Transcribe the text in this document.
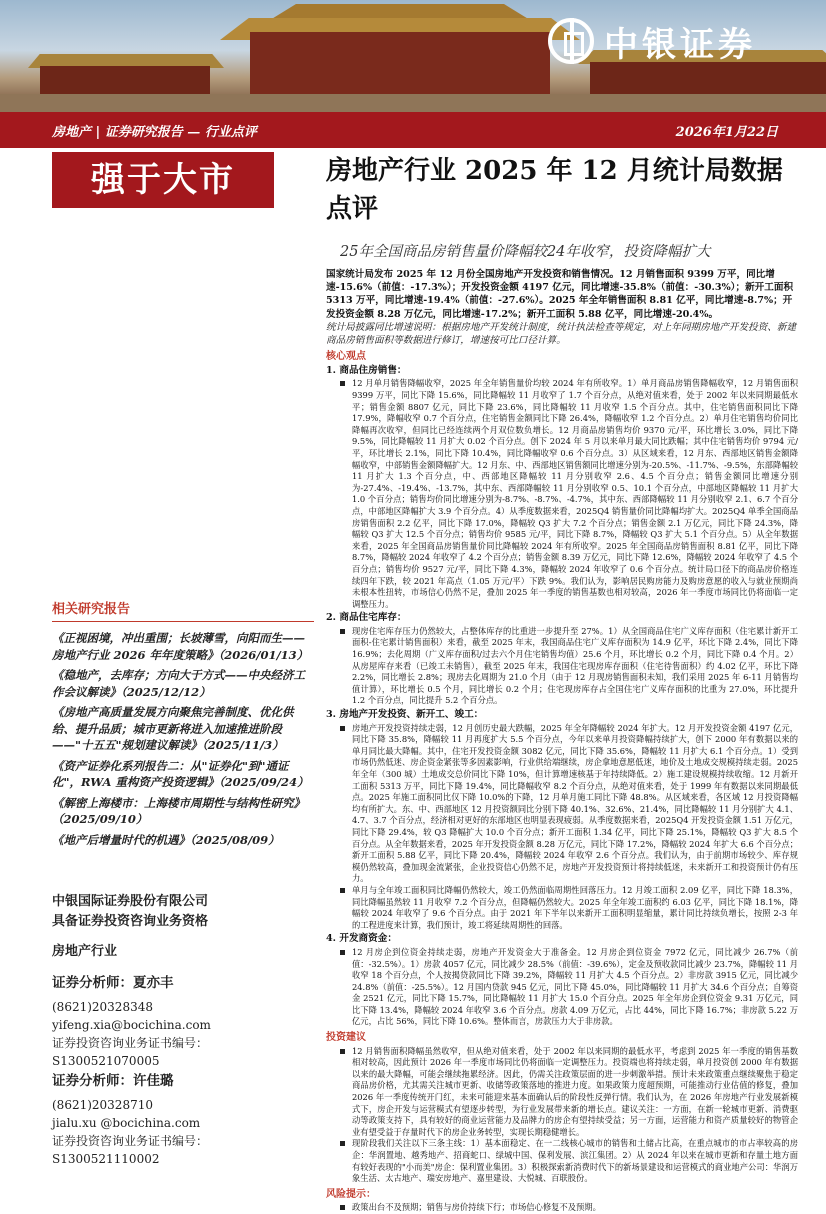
中银证券
房地产 | 证券研究报告 — 行业点评	2026年1月22日
强于大市	房地产行业 2025 年 12 月统计局数据点评
25年全国商品房销售量价降幅较24年收窄，投资降幅扩大

国家统计局发布 2025 年 12 月份全国房地产开发投资和销售情况。12 月销售面积 9399 万平，同比增速-15.6%（前值：-17.3%）；开发投资金额 4197 亿元，同比增速-35.8%（前值：-30.3%）；新开工面积 5313 万平，同比增速-19.4%（前值：-27.6%）。2025 年全年销售面积 8.81 亿平，同比增速-8.7%；开发投资金额 8.28 万亿元，同比增速-17.2%；新开工面积 5.88 亿平，同比增速-20.4%。

统计局披露同比增速说明：根据房地产开发统计制度，统计执法检查等规定，对上年同期房地产开发投资、新建商品房销售面积等数据进行修订，增速按可比口径计算。

核心观点
1. 商品住房销售：

12 月单月销售降幅收窄，2025 年全年销售量价均较 2024 年有所收窄。1）单月商品房销售降幅收窄，12 月销售面积 9399 万平，同比下降 15.6%，同比降幅较 11 月收窄了 1.7 个百分点，从绝对值来看，处于 2002 年以来同期最低水平；销售金额 8807 亿元，同比下降 23.6%，同比降幅较 11 月收窄 1.5 个百分点。其中，住宅销售面积同比下降 17.9%，降幅收窄 0.7 个百分点，住宅销售金额同比下降 26.4%，降幅收窄 1.2 个百分点。2）单月住宅销售均价同比降幅再次收窄，但同比已经连续两个月双位数负增长。12 月商品房销售均价 9370 元/平，环比增长 3.0%，同比下降 9.5%，同比降幅较 11 月扩大 0.02 个百分点。创下 2024 年 5 月以来单月最大同比跌幅；其中住宅销售均价 9794 元/平，环比增长 2.1%，同比下降 10.4%，同比降幅收窄 0.6 个百分点。3）从区域来看，12 月东、西部地区销售金额降幅收窄，中部销售金额降幅扩大。12 月东、中、西部地区销售额同比增速分别为-20.5%、-11.7%、-9.5%，东部降幅较 11 月扩大 1.3 个百分点，中、西部地区降幅较 11 月分别收窄 2.6、4.5 个百分点；销售金额同比增速分别为-27.4%、-19.4%、-13.7%，其中东、西部降幅较 11 月分别收窄 0.5、10.1 个百分点，中部地区降幅较 11 月扩大 1.0 个百分点；销售均价同比增速分别为-8.7%、-8.7%、-4.7%，其中东、西部降幅较 11 月分别收窄 2.1、6.7 个百分点，中部地区降幅扩大 3.9 个百分点。4）从季度数据来看，2025Q4 销售量价同比降幅均扩大。2025Q4 单季全国商品房销售面积 2.2 亿平，同比下降 17.0%，降幅较 Q3 扩大 7.2 个百分点；销售金额 2.1 万亿元，同比下降 24.3%，降幅较 Q3 扩大 12.5 个百分点；销售均价 9585 元/平，同比下降 8.7%，降幅较 Q3 扩大 5.1 个百分点。5）从全年数据来看，2025 年全国商品房销售量价同比降幅较 2024 年有所收窄。2025 年全国商品房销售面积 8.81 亿平，同比下降 8.7%，降幅较 2024 年收窄了 4.2 个百分点；销售金额 8.39 万亿元，同比下降 12.6%，降幅较 2024 年收窄了 4.5 个百分点；销售均价 9527 元/平，同比下降 4.3%，降幅较 2024 年收窄了 0.6 个百分点。统计局口径下的商品房价格连续四年下跌，较 2021 年高点（1.05 万元/平）下跌 9%。我们认为，影响居民购房能力及购房意愿的收入与就业预期尚未根本性扭转，市场信心仍然不足，叠加 2025 年一季度的销售基数也相对较高，2026 年一季度市场同比仍将面临一定调整压力。

2. 商品住宅库存：

现房住宅库存压力仍然较大，占整体库存的比重进一步提升至 27%。1）从全国商品住宅广义库存面积（住宅累计新开工面积-住宅累计销售面积）来看，截至 2025 年末，我国商品住宅广义库存面积为 14.9 亿平，环比下降 2.4%，同比下降 16.9%；去化周期（广义库存面积/过去六个月住宅销售均值）25.6 个月，环比增长 0.2 个月，同比下降 0.4 个月。2）从房屋库存来看（已竣工未销售），截至 2025 年末，我国住宅现房库存面积（住宅待售面积）约 4.02 亿平，环比下降 2.2%，同比增长 2.8%；现房去化周期为 21.0 个月（由于 12 月现房销售面积未知，我们采用 2025 年 6-11 月销售均值计算），环比增长 0.5 个月，同比增长 0.2 个月；住宅现房库存占全国住宅广义库存面积的比重为 27.0%，环比提升 1.2 个百分点，同比提升 5.2 个百分点。

3. 房地产开发投资、新开工、竣工：

房地产开发投资持续走弱，12 月创历史最大跌幅，2025 年全年降幅较 2024 年扩大。12 月开发投资金额 4197 亿元，同比下降 35.8%，降幅较 11 月再度扩大 5.5 个百分点，今年以来单月投资降幅持续扩大，创下 2000 年有数据以来的单月同比最大降幅。其中，住宅开发投资金额 3082 亿元，同比下降 35.6%，降幅较 11 月扩大 6.1 个百分点。1）受到市场仍然低迷、房企资金紧张等多因素影响，行业供给端继续，房企拿地意愿低迷，地价及土地成交规模持续走弱。2025 年全年（300 城）土地成交总价同比下降 10%，但计算增速核基于年持续降低。2）施工建设规模持续收缩。12 月新开工面积 5313 万平，同比下降 19.4%，同比降幅收窄 8.2 个百分点，从绝对值来看，处于 1999 年有数据以来同期最低点。2025 年施工面积同比仅下降 10.0%的下降，12 月单月施工同比下降 48.8%。从区域来看，各区域 12 月投资降幅均有所扩大。东、中、西部地区 12 月投资额同比分别下降 40.1%、32.6%、21.4%，同比降幅较 11 月分别扩大 4.1、4.7、3.7 个百分点，经济相对更好的东部地区也明显表现疲弱。从季度数据来看，2025Q4 开发投资金额 1.51 万亿元，同比下降 29.4%，较 Q3 降幅扩大 10.0 个百分点；新开工面积 1.34 亿平，同比下降 25.1%，降幅较 Q3 扩大 8.5 个百分点。从全年数据来看，2025 年开发投资金额 8.28 万亿元，同比下降 17.2%，降幅较 2024 年扩大 6.6 个百分点；新开工面积 5.88 亿平，同比下降 20.4%，降幅较 2024 年收窄 2.6 个百分点。我们认为，由于前期市场较少、库存规模仍然较高，叠加现金流紧张，企业投资信心仍然不足，房地产开发投资预计将持续低迷，未来新开工和投资预计仍有压力。

单月与全年竣工面积同比降幅仍然较大，竣工仍然面临周期性回落压力。12 月竣工面积 2.09 亿平，同比下降 18.3%，同比降幅虽然较 11 月收窄 7.2 个百分点，但降幅仍然较大。2025 年全年竣工面积约 6.03 亿平，同比下降 18.1%，降幅较 2024 年收窄了 9.6 个百分点。由于 2021 年下半年以来新开工面积明显缩量，累计同比持续负增长，按照 2-3 年的工程进度来计算，我们预计，竣工将延续周期性的回落。

4. 开发商资金：

12 月房企到位资金持续走弱，房地产开发资金大于准备金。12 月房企到位资金 7972 亿元，同比减少 26.7%（前值：-32.5%）。1）房款 4057 亿元，同比减少 28.5%（前值：-39.6%），定金及预收款同比减少 23.7%，降幅较 11 月收窄 18 个百分点，个人按揭贷款同比下降 39.2%，降幅较 11 月扩大 4.5 个百分点。2）非房款 3915 亿元，同比减少 24.8%（前值：-25.5%）。12 月国内贷款 945 亿元，同比下降 45.0%，同比降幅较 11 月扩大 34.6 个百分点；自筹资金 2521 亿元，同比下降 15.7%，同比降幅较 11 月扩大 15.0 个百分点。2025 年全年房企到位资金 9.31 万亿元，同比下降 13.4%，降幅较 2024 年收窄 3.6 个百分点。房款 4.09 万亿元，占比 44%，同比下降 16.7%；非房款 5.22 万亿元，占比 56%，同比下降 10.6%。整体而言，房款压力大于非房款。

投资建议

12 月销售面积降幅虽然收窄，但从绝对值来看，处于 2002 年以来同期的最低水平，考虑到 2025 年一季度的销售基数相对较高，因此预计 2026 年一季度市场同比仍将面临一定调整压力。投资端也将持续走弱，单月投资创 2000 年有数据以来的最大降幅，可能会继续拖累经济。因此，仍需关注政策层面的进一步刺激举措。预计未来政策重点继续聚焦于稳定商品房价格，尤其需关注城市更新、收储等政策落地的推进力度。如果政策力度超预期，可能推动行业估值的修复，叠加 2026 年一季度传统开门红，未来可能迎来基本面确认后的阶段性反弹行情。我们认为，在 2026 年房地产行业发展新模式下，房企开发与运营模式有望逐步转型，为行业发展带来新的增长点。建议关注：一方面，在新一轮城市更新、消费驱动等政策支持下，具有较好的商业运营能力及品牌力的房企有望持续受益；另一方面，运营能力和资产质量较好的物管企业有望受益于存量时代下的房企业务转型，实现长期稳健增长。

现阶段我们关注以下三条主线：1）基本面稳定、在一二线核心城市的销售和土储占比高，在重点城市的市占率较高的房企：华润置地、越秀地产、招商蛇口、绿城中国、保利发展、滨江集团。2）从 2024 年以来在城市更新和存量土地方面有较好表现的"小而美"房企：保利置业集团。3）积极探索新消费时代下的新场景建设和运营模式的商业地产公司：华润万象生活、太古地产、瑞安房地产、嘉里建设、大悦城、百联股份。

风险提示：

政策出台不及预期；销售与房价持续下行；市场信心修复不及预期。

相关研究报告
《正视困境，冲出重围；长坡薄雪，向阳而生——房地产行业 2026 年年度策略》（2026/01/13）
《稳地产，去库存；方向大于方式——中央经济工作会议解读》（2025/12/12）
《房地产高质量发展方向聚焦完善制度、优化供给、提升品质；城市更新将进入加速推进阶段——"十五五"规划建议解读》（2025/11/3）
《资产证券化系列报告二：从"证券化"到"通证化"，RWA 重构资产投资逻辑》（2025/09/24）
《解密上海楼市：上海楼市周期性与结构性研究》（2025/09/10）
《地产后增量时代的机遇》（2025/08/09）
中银国际证券股份有限公司
具备证券投资咨询业务资格
房地产行业
证券分析师：夏亦丰
(8621)20328348
yifeng.xia@bocichina.com
证券投资咨询业务证书编号：S1300521070005
证券分析师：许佳璐
(8621)20328710
jialu.xu @bocichina.com
证券投资咨询业务证书编号：S1300521110002
